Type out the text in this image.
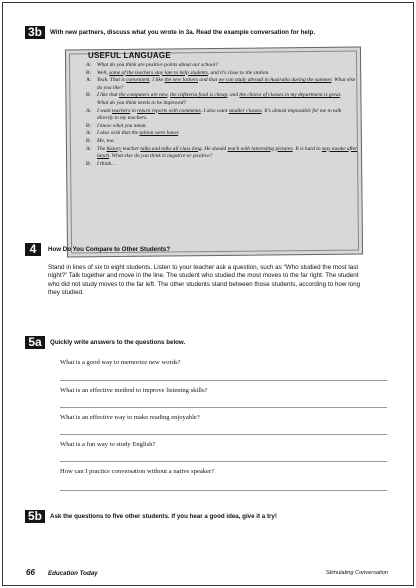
3b	With new partners, discuss what you wrote in 3a. Read the example conversation for help.
USEFUL LANGUAGE
A:	What do you think are positive points about our school?
B:	Well, some of the teachers stay late to help students, and it's close to the station.
A:	Yeah. That is convenient. I like the new lockers and that we can study abroad in Australia during the summer. What else do you like?
B:	I like that the computers are new, the cafeteria food is cheap, and the choice of classes in my department is great.
What do you think needs to be improved?
A:	I want teachers to return reports with comments. I also want smaller classes. It's almost impossible for me to talk directly to my teachers.
B:	I know what you mean.
A:	I also wish that the tuition were lower.
B:	Me, too.
A:	The history teacher talks and talks all class long. He should teach with interesting pictures. It is hard to stay awake after lunch. What else do you think is negative or positive?
B:	I think…
4	How Do You Compare to Other Students?
Stand in lines of six to eight students. Listen to your teacher ask a question, such as “Who studied the most last night?” Talk together and move in the line. The student who studied the most moves to the far right. The student who did not study moves to the far left. The other students stand between those students, according to how long they studied.
5a	Quickly write answers to the questions below.
What is a good way to memorize new words?
What is an effective method to improve listening skills?
What is an effective way to make reading enjoyable?
What is a fun way to study English?
How can I practice conversation without a native speaker?
5b	Ask the questions to five other students. If you hear a good idea, give it a try!
66 Education Today	Stimulating Conversation
